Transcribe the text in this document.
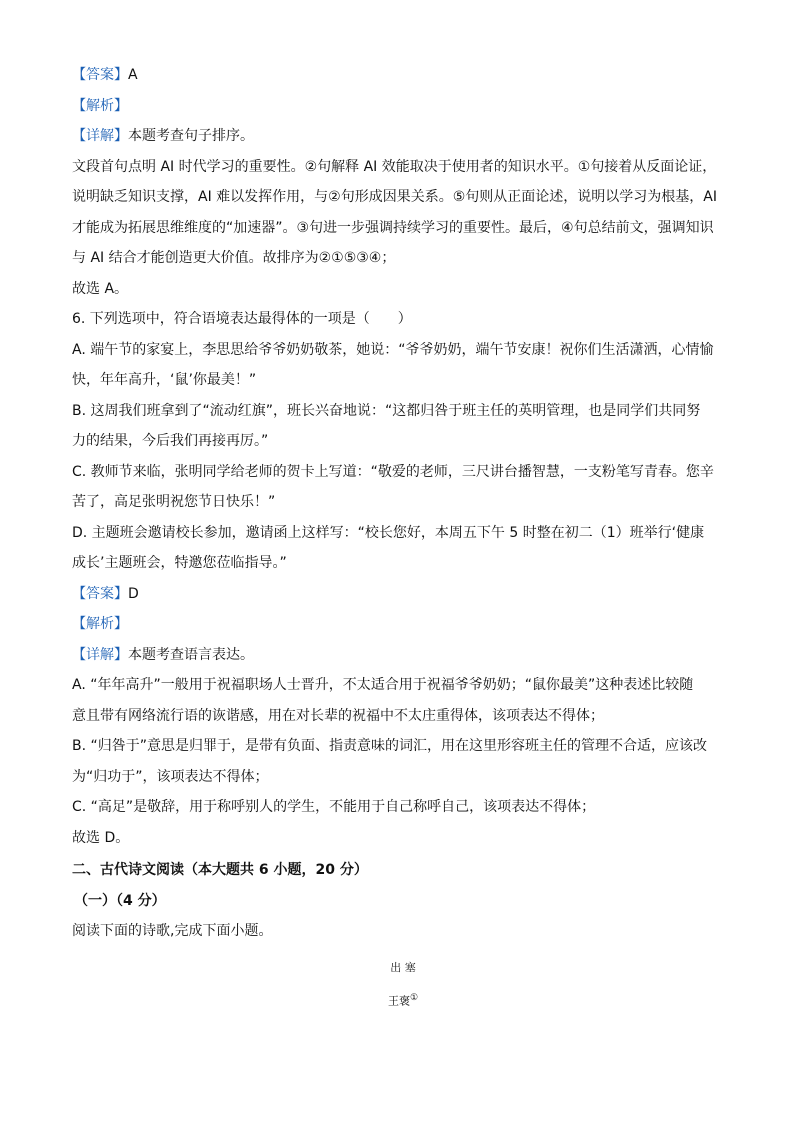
【答案】A

【解析】

【详解】本题考查句子排序。

文段首句点明 AI 时代学习的重要性。②句解释 AI 效能取决于使用者的知识水平。①句接着从反面论证，

说明缺乏知识支撑，AI 难以发挥作用，与②句形成因果关系。⑤句则从正面论述，说明以学习为根基，AI

才能成为拓展思维维度的“加速器”。③句进一步强调持续学习的重要性。最后，④句总结前文，强调知识

与 AI 结合才能创造更大价值。故排序为②①⑤③④；

故选 A。

6. 下列选项中，符合语境表达最得体的一项是（　　）

A. 端午节的家宴上，李思思给爷爷奶奶敬茶，她说：“爷爷奶奶，端午节安康！祝你们生活潇洒，心情愉

快，年年高升，‘鼠’你最美！”

B. 这周我们班拿到了“流动红旗”，班长兴奋地说：“这都归咎于班主任的英明管理，也是同学们共同努

力的结果，今后我们再接再厉。”

C. 教师节来临，张明同学给老师的贺卡上写道：“敬爱的老师，三尺讲台播智慧，一支粉笔写青春。您辛

苦了，高足张明祝您节日快乐！”

D. 主题班会邀请校长参加，邀请函上这样写：“校长您好，本周五下午 5 时整在初二（1）班举行‘健康

成长’主题班会，特邀您莅临指导。”

【答案】D

【解析】

【详解】本题考查语言表达。

A. “年年高升”一般用于祝福职场人士晋升，不太适合用于祝福爷爷奶奶；“鼠你最美”这种表述比较随

意且带有网络流行语的诙谐感，用在对长辈的祝福中不太庄重得体，该项表达不得体；

B. “归咎于”意思是归罪于，是带有负面、指责意味的词汇，用在这里形容班主任的管理不合适，应该改

为“归功于”，该项表达不得体；

C. “高足”是敬辞，用于称呼别人的学生，不能用于自己称呼自己，该项表达不得体；

故选 D。

二、古代诗文阅读（本大题共 6 小题，20 分）

（一）（4 分）

阅读下面的诗歌,完成下面小题。

出 塞

王褒①
